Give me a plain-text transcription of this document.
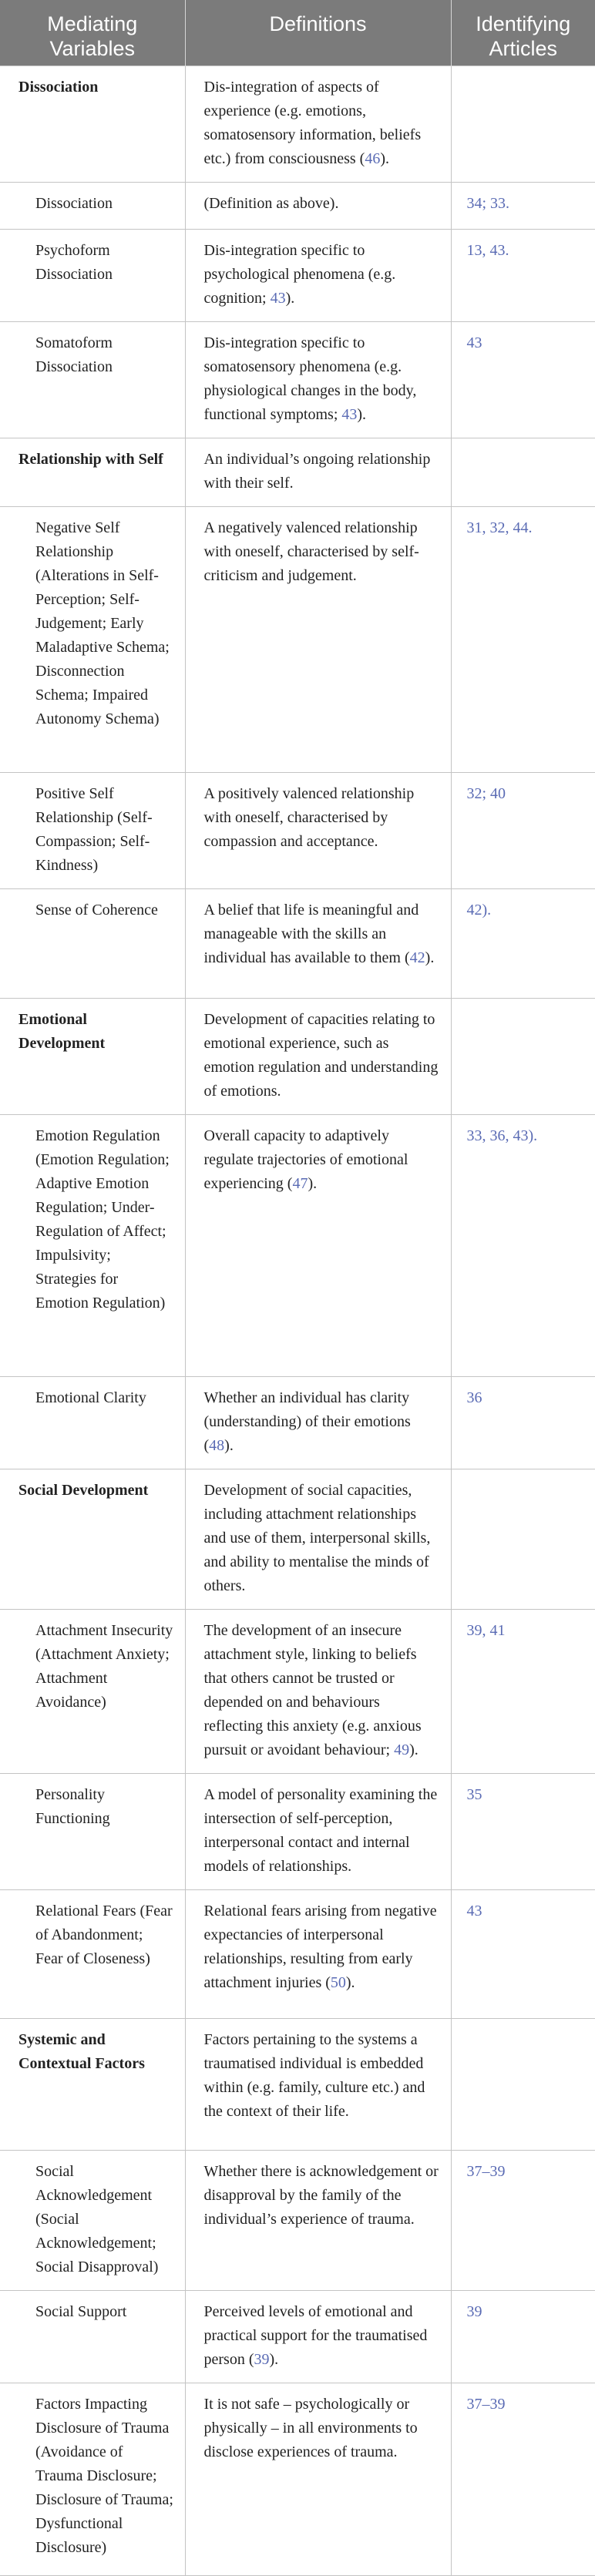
Mediating Variables	Definitions	Identifying Articles
Dissociation	Dis-integration of aspects of experience (e.g. emotions, somatosensory information, beliefs etc.) from consciousness (46).	
Dissociation	(Definition as above).	34; 33.
Psychoform Dissociation	Dis-integration specific to psychological phenomena (e.g. cognition; 43).	13, 43.
Somatoform Dissociation	Dis-integration specific to somatosensory phenomena (e.g. physiological changes in the body, functional symptoms; 43).	43
Relationship with Self	An individual’s ongoing relationship with their self.	
Negative Self Relationship (Alterations in Self-Perception; Self-Judgement; Early Maladaptive Schema; Disconnection Schema; Impaired Autonomy Schema)	A negatively valenced relationship with oneself, characterised by self-criticism and judgement.	31, 32, 44.
Positive Self Relationship (Self-Compassion; Self-Kindness)	A positively valenced relationship with oneself, characterised by compassion and acceptance.	32; 40
Sense of Coherence	A belief that life is meaningful and manageable with the skills an individual has available to them (42).	42).
Emotional Development	Development of capacities relating to emotional experience, such as emotion regulation and understanding of emotions.	
Emotion Regulation (Emotion Regulation; Adaptive Emotion Regulation; Under-Regulation of Affect; Impulsivity; Strategies for Emotion Regulation)	Overall capacity to adaptively regulate trajectories of emotional experiencing (47).	33, 36, 43).
Emotional Clarity	Whether an individual has clarity (understanding) of their emotions (48).	36
Social Development	Development of social capacities, including attachment relationships and use of them, interpersonal skills, and ability to mentalise the minds of others.	
Attachment Insecurity (Attachment Anxiety; Attachment Avoidance)	The development of an insecure attachment style, linking to beliefs that others cannot be trusted or depended on and behaviours reflecting this anxiety (e.g. anxious pursuit or avoidant behaviour; 49).	39, 41
Personality Functioning	A model of personality examining the intersection of self-perception, interpersonal contact and internal models of relationships.	35
Relational Fears (Fear of Abandonment; Fear of Closeness)	Relational fears arising from negative expectancies of interpersonal relationships, resulting from early attachment injuries (50).	43
Systemic and Contextual Factors	Factors pertaining to the systems a traumatised individual is embedded within (e.g. family, culture etc.) and the context of their life.	
Social Acknowledgement (Social Acknowledgement; Social Disapproval)	Whether there is acknowledgement or disapproval by the family of the individual’s experience of trauma.	37–39
Social Support	Perceived levels of emotional and practical support for the traumatised person (39).	39
Factors Impacting Disclosure of Trauma (Avoidance of Trauma Disclosure; Disclosure of Trauma; Dysfunctional Disclosure)	It is not safe – psychologically or physically – in all environments to disclose experiences of trauma.	37–39
